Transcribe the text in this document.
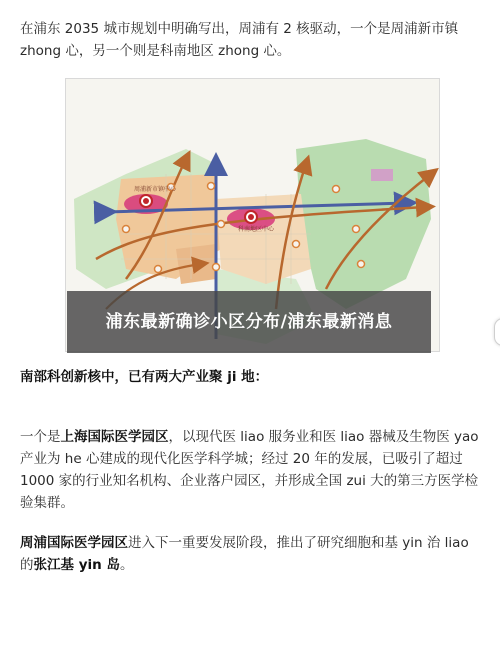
在浦东 2035 城市规划中明确写出，周浦有 2 核驱动，一个是周浦新市镇
zhong 心，另一个则是科南地区 zhong 心。

周浦新市镇中心
科南地区中心
浦东最新确诊小区分布/浦东最新消息

南部科创新核中，已有两大产业聚 ji 地：

一个是上海国际医学园区，以现代医 liao 服务业和医 liao 器械及生物医 yao 产业为 he 心建成的现代化医学科学城；经过 20 年的发展，已吸引了超过 1000 家的行业知名机构、企业落户园区，并形成全国 zui 大的第三方医学检验集群。

周浦国际医学园区进入下一重要发展阶段，推出了研究细胞和基 yin 治 liao 的张江基 yin 岛。
